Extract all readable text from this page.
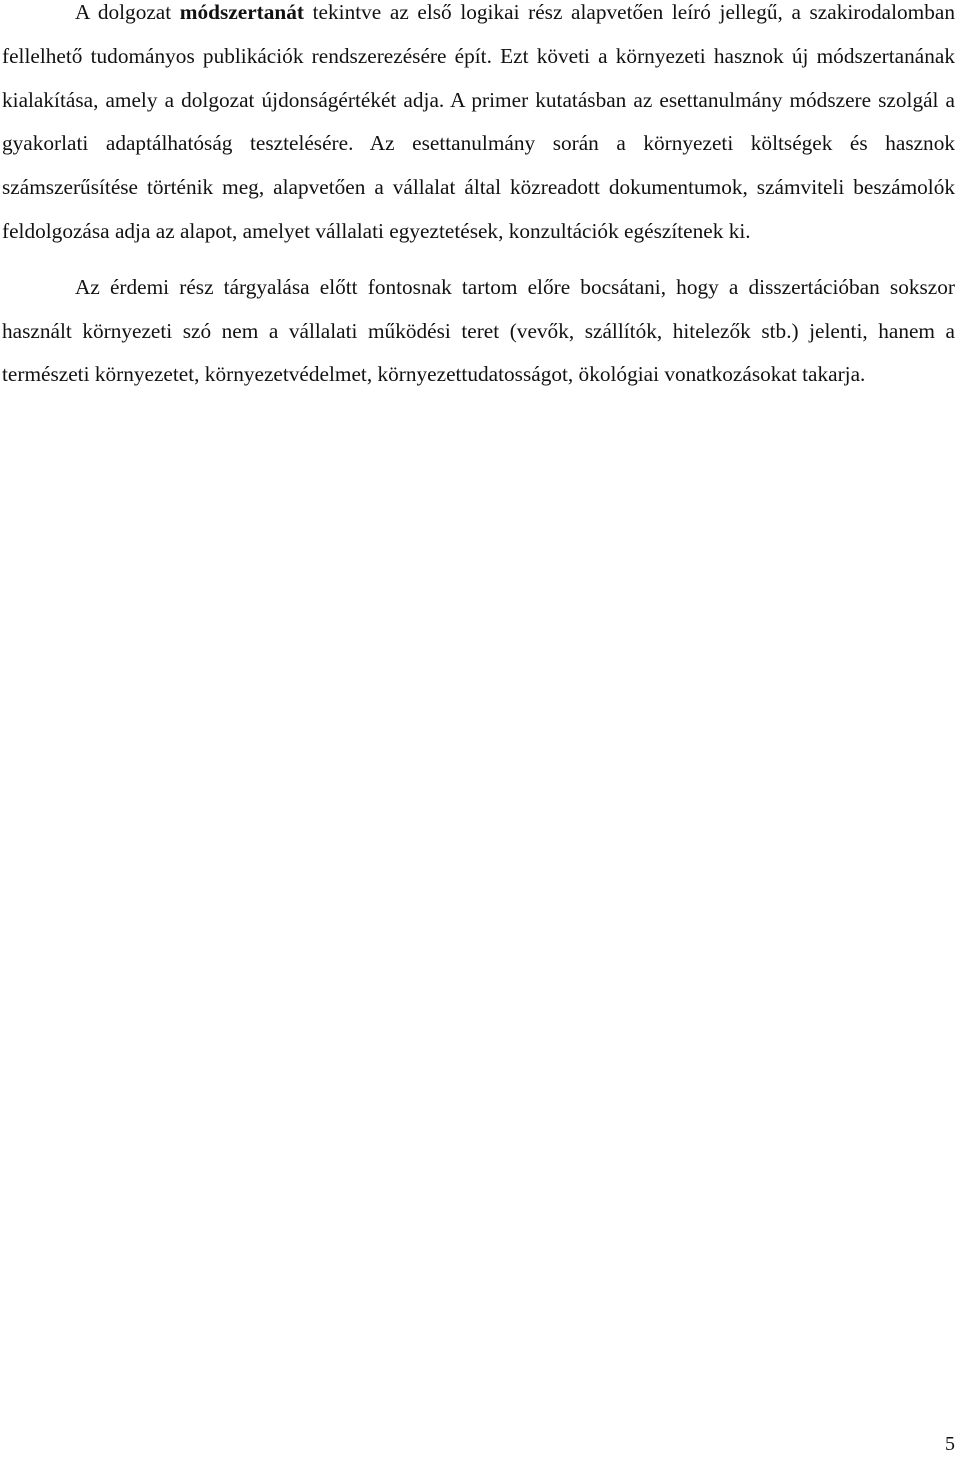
A dolgozat módszertanát tekintve az első logikai rész alapvetően leíró jellegű, a szakirodalomban fellelhető tudományos publikációk rendszerezésére épít. Ezt követi a környezeti hasznok új módszertanának kialakítása, amely a dolgozat újdonságértékét adja. A primer kutatásban az esettanulmány módszere szolgál a gyakorlati adaptálhatóság tesztelésére. Az esettanulmány során a környezeti költségek és hasznok számszerűsítése történik meg, alapvetően a vállalat által közreadott dokumentumok, számviteli beszámolók feldolgozása adja az alapot, amelyet vállalati egyeztetések, konzultációk egészítenek ki.

Az érdemi rész tárgyalása előtt fontosnak tartom előre bocsátani, hogy a disszertációban sokszor használt környezeti szó nem a vállalati működési teret (vevők, szállítók, hitelezők stb.) jelenti, hanem a természeti környezetet, környezetvédelmet, környezettudatosságot, ökológiai vonatkozásokat takarja.

5
